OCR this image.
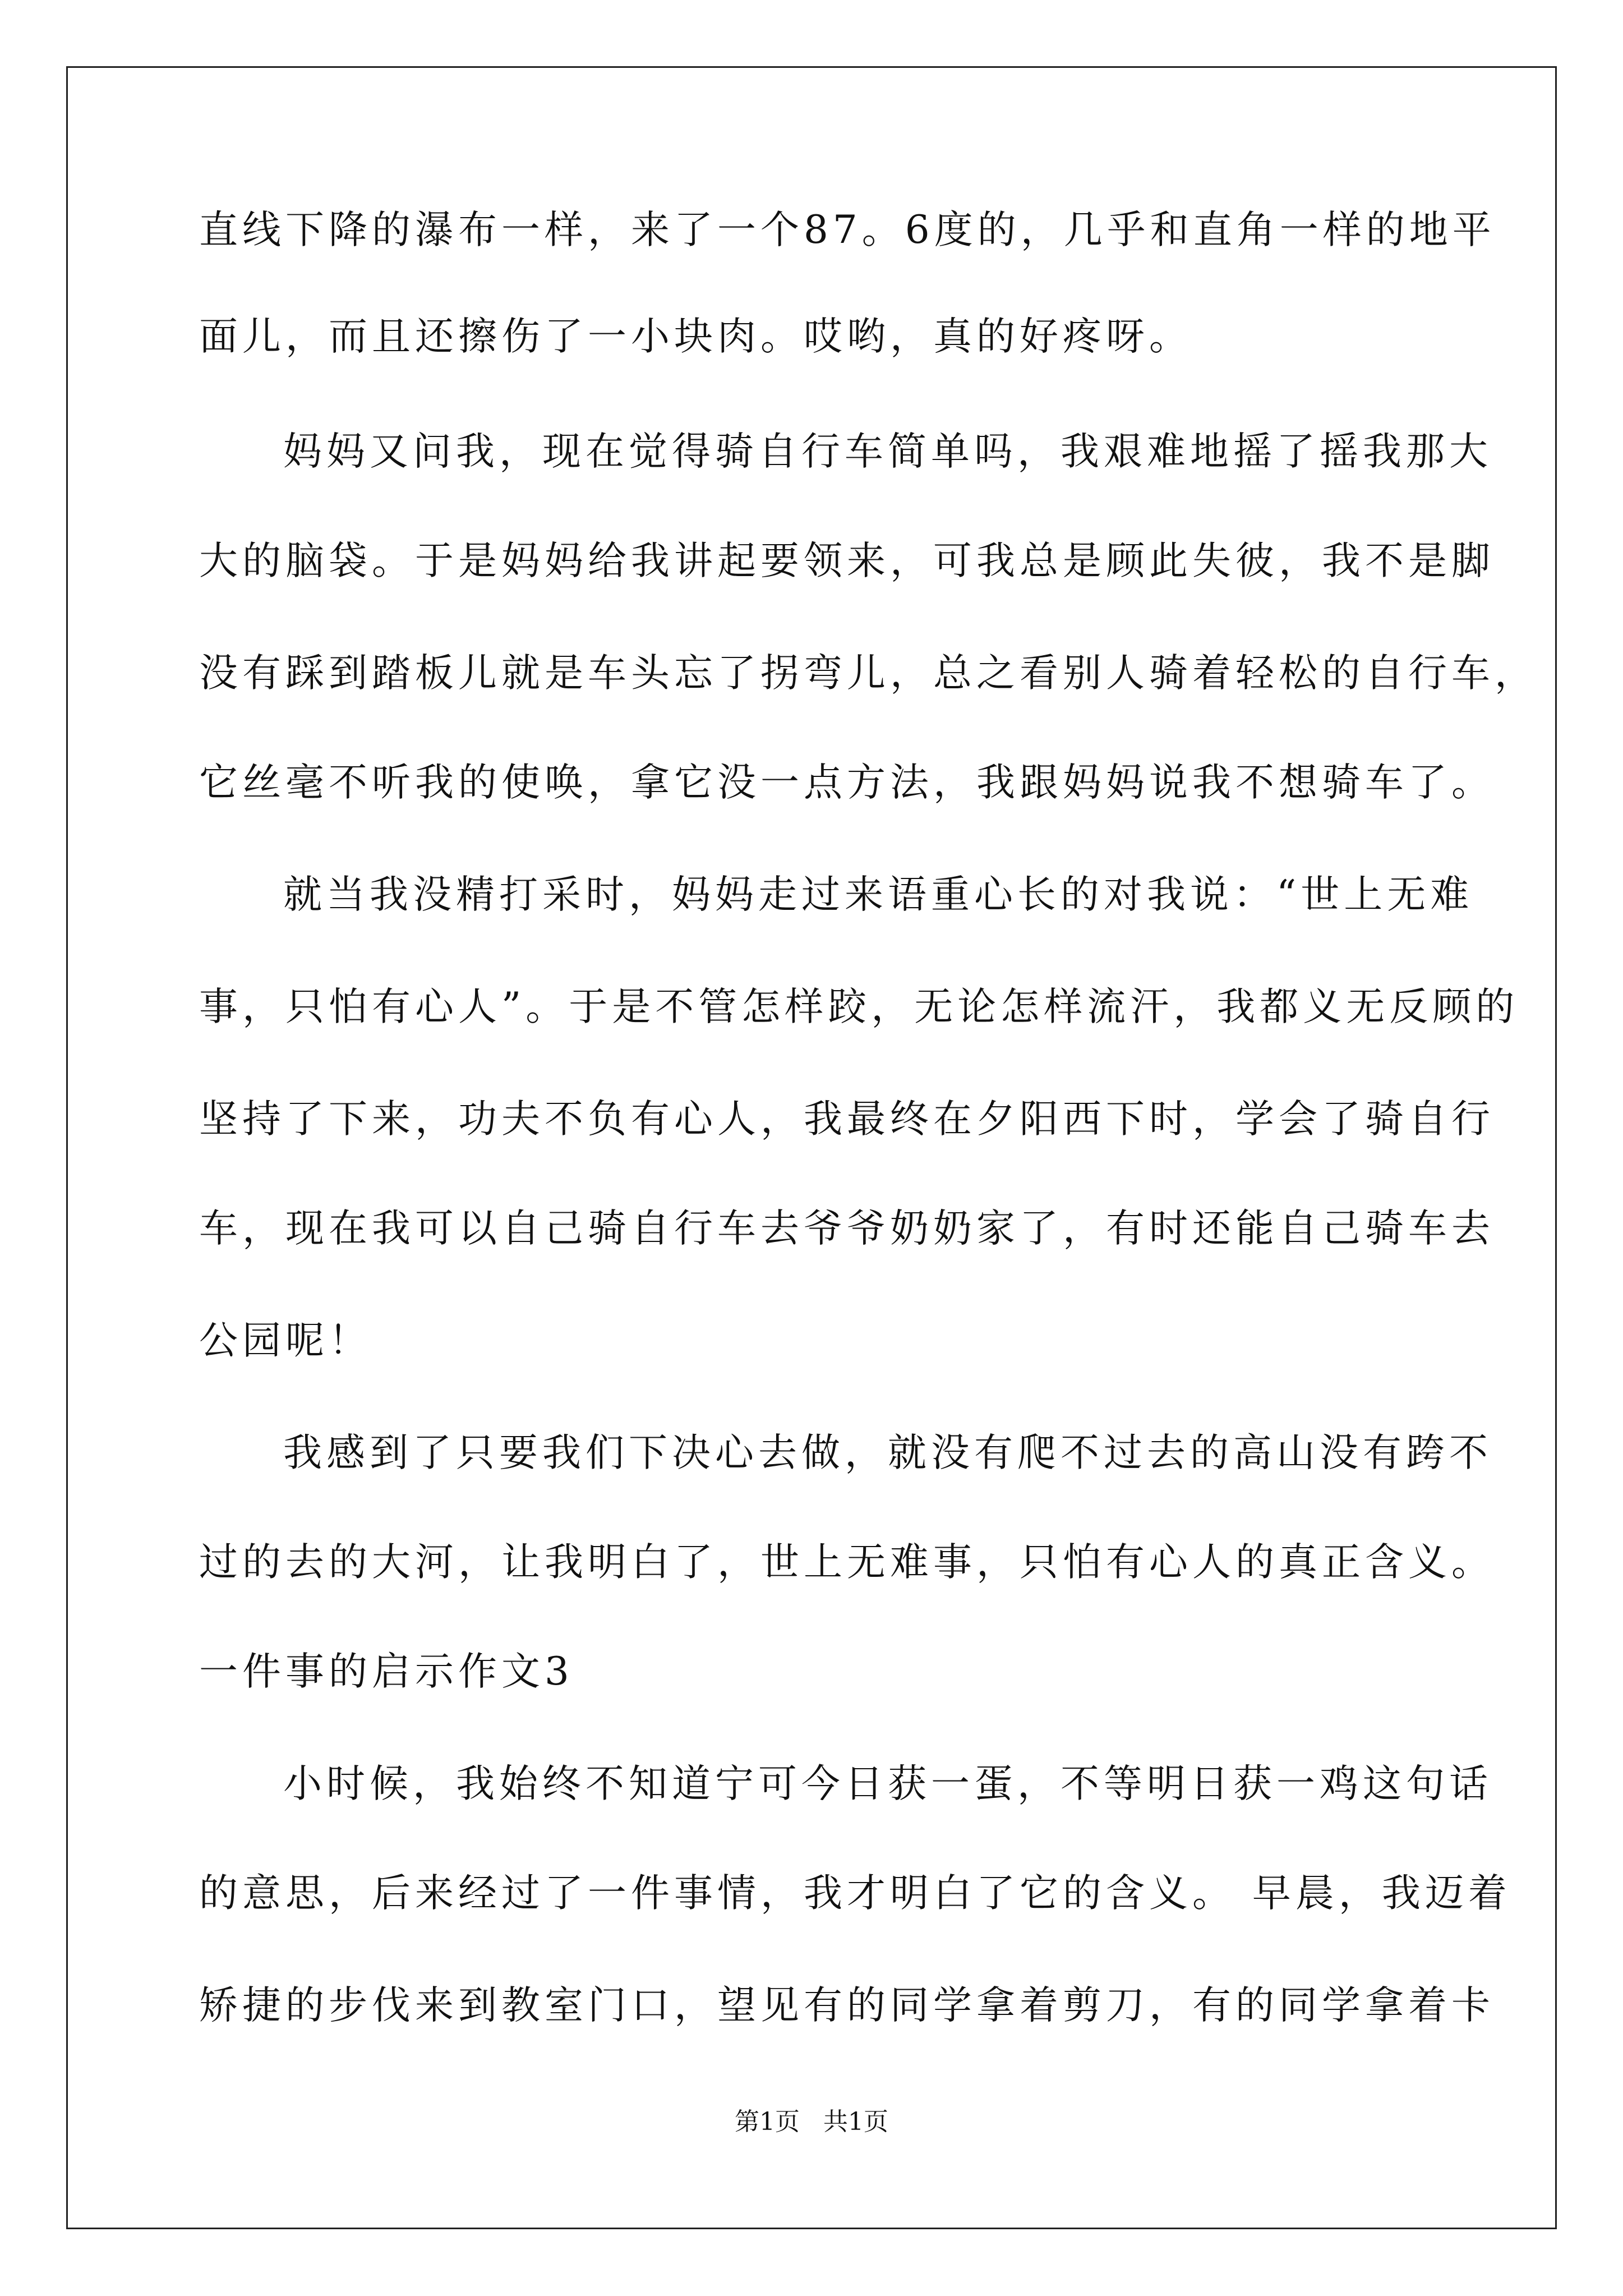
直线下降的瀑布一样，来了一个87。6度的，几乎和直角一样的地平
面儿，而且还擦伤了一小块肉。哎哟，真的好疼呀。
妈妈又问我，现在觉得骑自行车简单吗，我艰难地摇了摇我那大
大的脑袋。于是妈妈给我讲起要领来，可我总是顾此失彼，我不是脚
没有踩到踏板儿就是车头忘了拐弯儿，总之看别人骑着轻松的自行车，
它丝毫不听我的使唤，拿它没一点方法，我跟妈妈说我不想骑车了。
就当我没精打采时，妈妈走过来语重心长的对我说：“世上无难
事，只怕有心人”。于是不管怎样跤，无论怎样流汗，我都义无反顾的
坚持了下来，功夫不负有心人，我最终在夕阳西下时，学会了骑自行
车，现在我可以自己骑自行车去爷爷奶奶家了，有时还能自己骑车去
公园呢！
我感到了只要我们下决心去做，就没有爬不过去的高山没有跨不
过的去的大河，让我明白了，世上无难事，只怕有心人的真正含义。
一件事的启示作文3
小时候，我始终不知道宁可今日获一蛋，不等明日获一鸡这句话
的意思，后来经过了一件事情，我才明白了它的含义。 早晨，我迈着
矫捷的步伐来到教室门口，望见有的同学拿着剪刀，有的同学拿着卡
第1页   共1页
